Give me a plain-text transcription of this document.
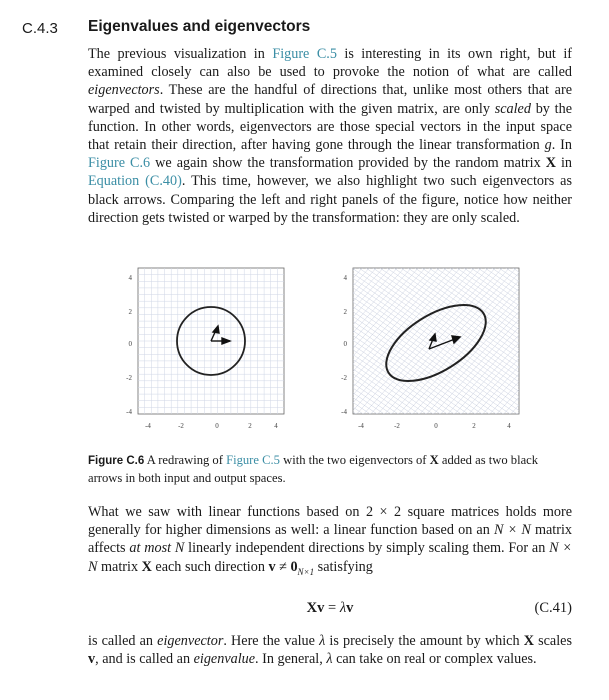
C.4.3 Eigenvalues and eigenvectors

The previous visualization in Figure C.5 is interesting in its own right, but if examined closely can also be used to provoke the notion of what are called eigenvectors. These are the handful of directions that, unlike most others that are warped and twisted by multiplication with the given matrix, are only scaled by the function. In other words, eigenvectors are those special vectors in the input space that retain their direction, after having gone through the linear transformation g. In Figure C.6 we again show the transformation provided by the random matrix X in Equation (C.40). This time, however, we also highlight two such eigenvectors as black arrows. Comparing the left and right panels of the figure, notice how neither direction gets twisted or warped by the transformation: they are only scaled.

4
2
0
-2
-4
-4	-2	0	2	4
4
2
0
-2
-4
-4	-2	0	2	4

Figure C.6 A redrawing of Figure C.5 with the two eigenvectors of X added as two black arrows in both input and output spaces.

What we saw with linear functions based on 2 × 2 square matrices holds more generally for higher dimensions as well: a linear function based on an N × N matrix affects at most N linearly independent directions by simply scaling them. For an N × N matrix X each such direction $v \ne 0_{N\times 1}$ satisfying

Xv = λv	(C.41)

is called an eigenvector. Here the value λ is precisely the amount by which X scales v, and is called an eigenvalue. In general, λ can take on real or complex values.
